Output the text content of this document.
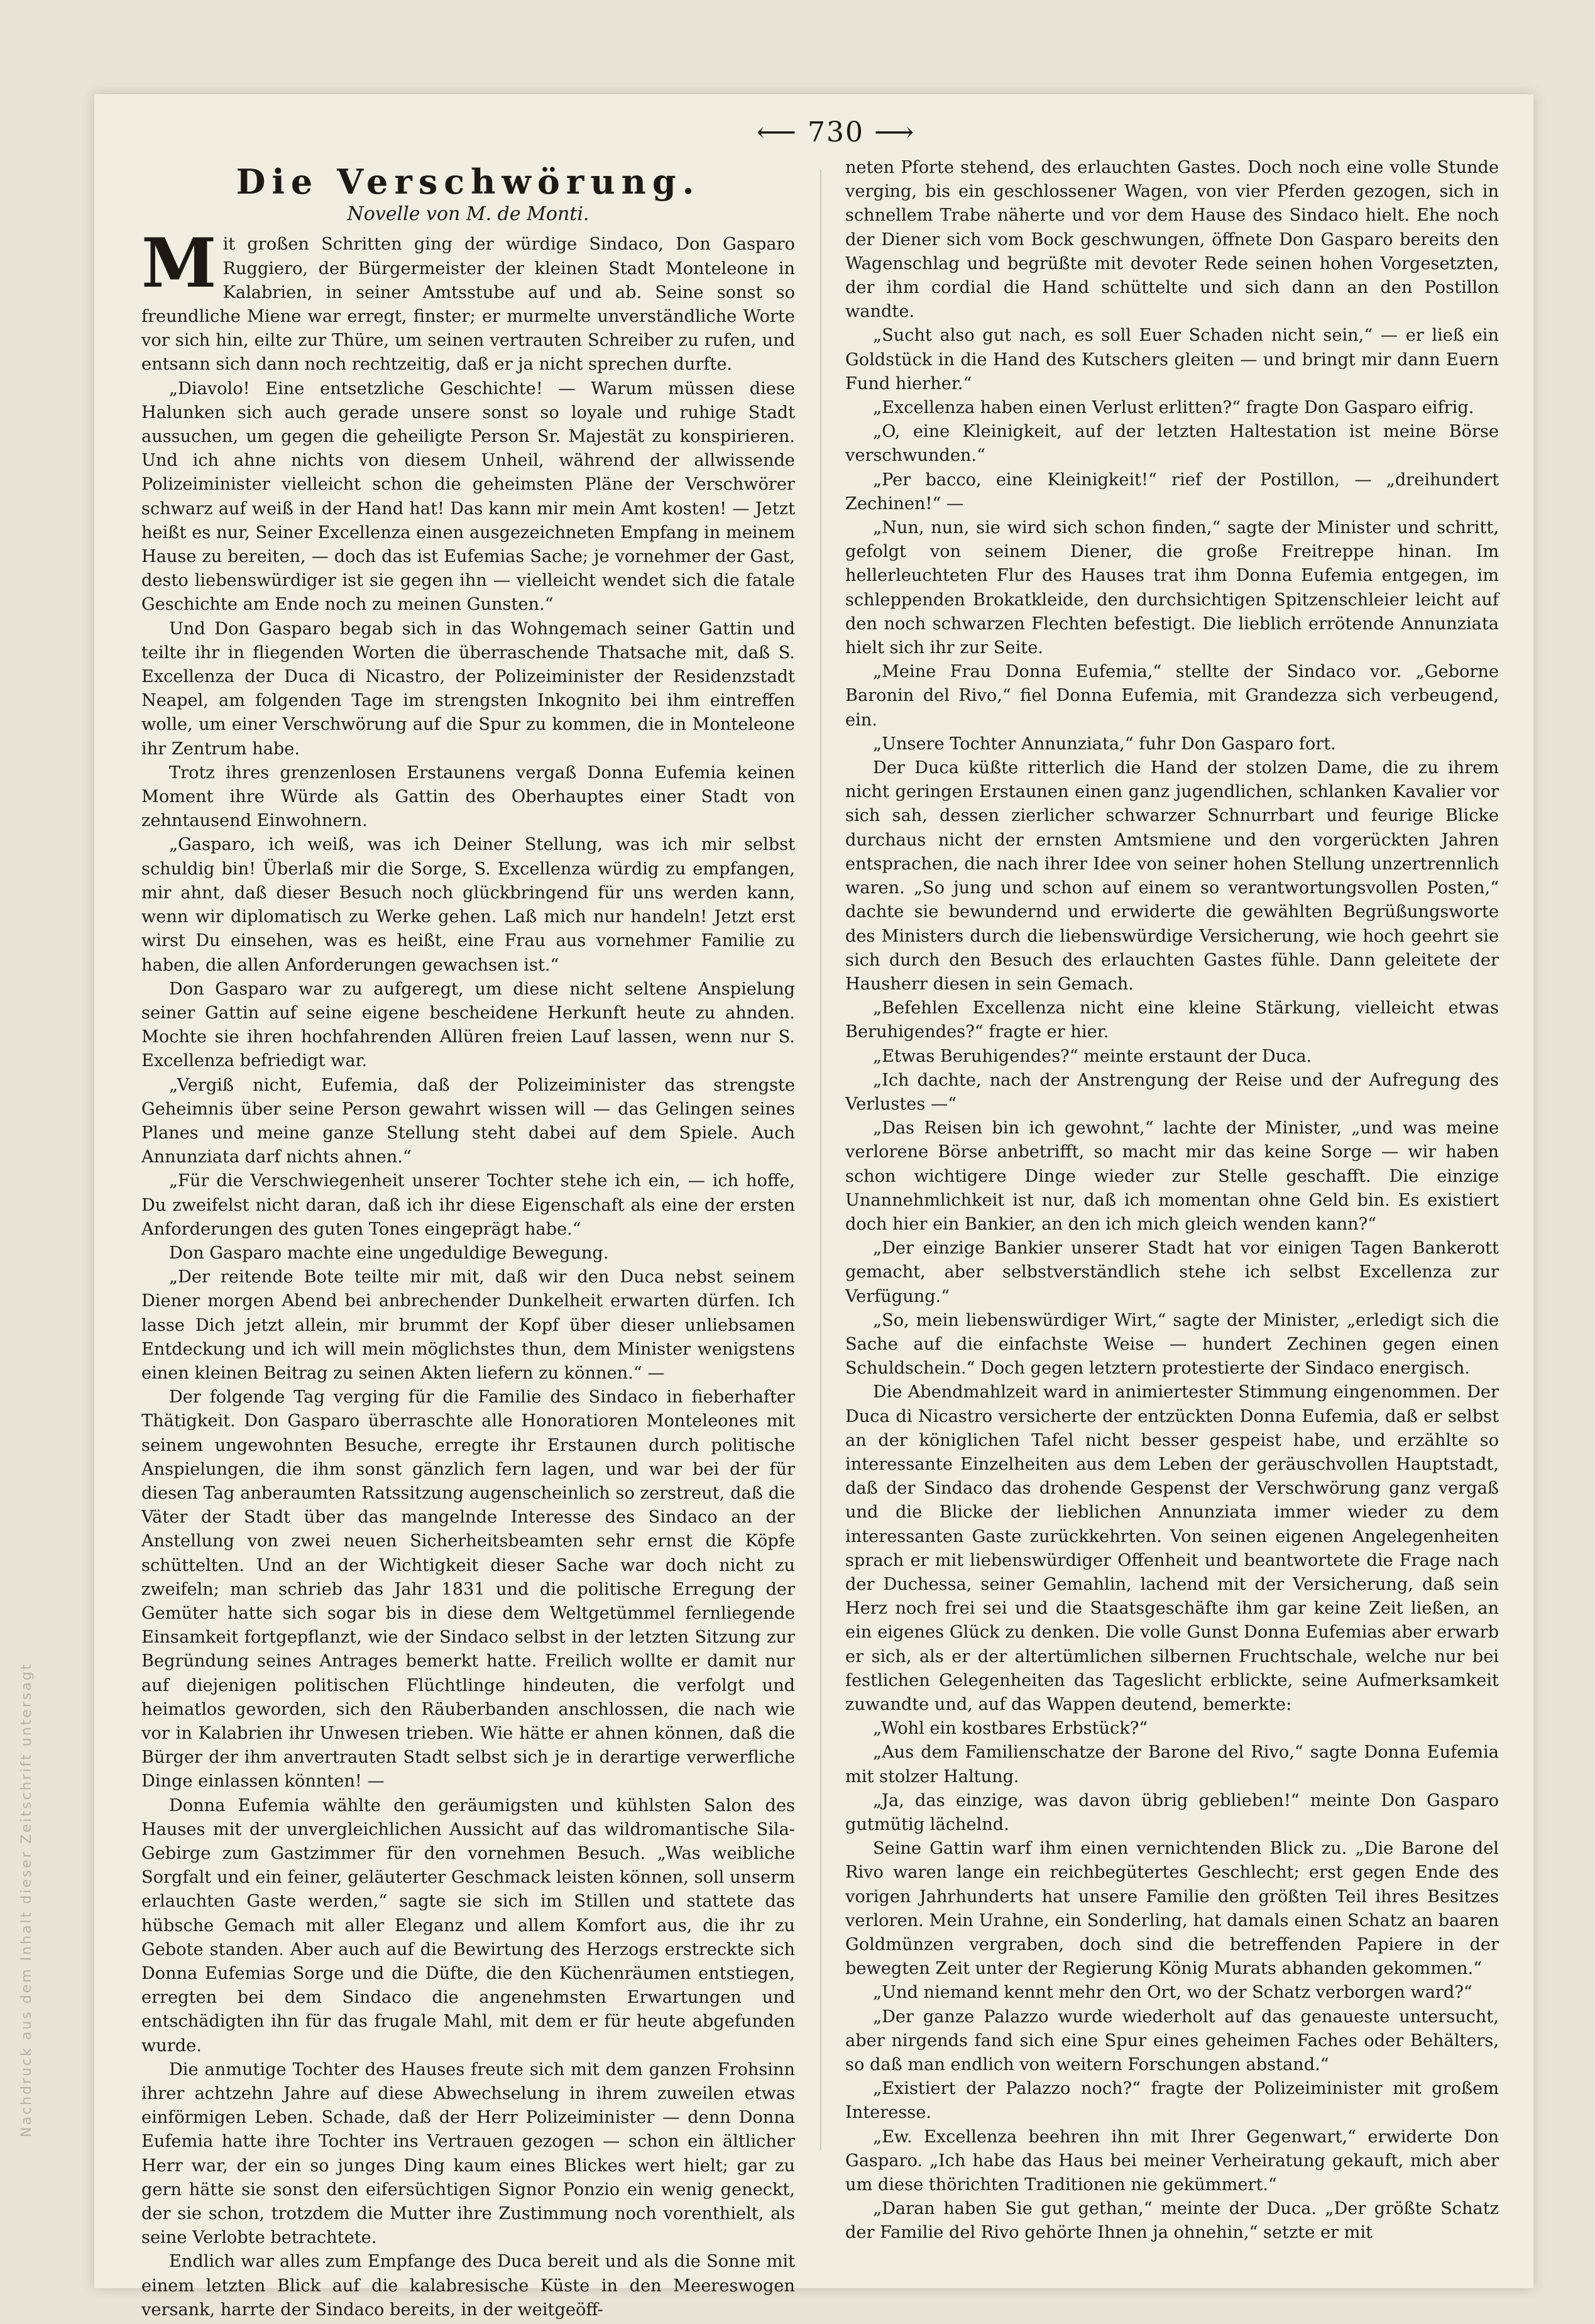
Nachdruck aus dem Inhalt dieser Zeitschrift untersagt
⟵ 730 ⟶
Die Verschwörung.
Novelle von M. de Monti.

Mit großen Schritten ging der würdige Sindaco, Don Gasparo Ruggiero, der Bürgermeister der kleinen Stadt Monteleone in Kalabrien, in seiner Amtsstube auf und ab. Seine sonst so freundliche Miene war erregt, finster; er murmelte unverständliche Worte vor sich hin, eilte zur Thüre, um seinen vertrauten Schreiber zu rufen, und entsann sich dann noch rechtzeitig, daß er ja nicht sprechen durfte.

„Diavolo! Eine entsetzliche Geschichte! — Warum müssen diese Halunken sich auch gerade unsere sonst so loyale und ruhige Stadt aussuchen, um gegen die geheiligte Person Sr. Majestät zu konspirieren. Und ich ahne nichts von diesem Unheil, während der allwissende Polizeiminister vielleicht schon die geheimsten Pläne der Verschwörer schwarz auf weiß in der Hand hat! Das kann mir mein Amt kosten! — Jetzt heißt es nur, Seiner Excellenza einen ausgezeichneten Empfang in meinem Hause zu bereiten, — doch das ist Eufemias Sache; je vornehmer der Gast, desto liebenswürdiger ist sie gegen ihn — vielleicht wendet sich die fatale Geschichte am Ende noch zu meinen Gunsten.“

Und Don Gasparo begab sich in das Wohngemach seiner Gattin und teilte ihr in fliegenden Worten die überraschende Thatsache mit, daß S. Excellenza der Duca di Nicastro, der Polizeiminister der Residenzstadt Neapel, am folgenden Tage im strengsten Inkognito bei ihm eintreffen wolle, um einer Verschwörung auf die Spur zu kommen, die in Monteleone ihr Zentrum habe.

Trotz ihres grenzenlosen Erstaunens vergaß Donna Eufemia keinen Moment ihre Würde als Gattin des Oberhauptes einer Stadt von zehntausend Einwohnern.

„Gasparo, ich weiß, was ich Deiner Stellung, was ich mir selbst schuldig bin! Überlaß mir die Sorge, S. Excellenza würdig zu empfangen, mir ahnt, daß dieser Besuch noch glückbringend für uns werden kann, wenn wir diplomatisch zu Werke gehen. Laß mich nur handeln! Jetzt erst wirst Du einsehen, was es heißt, eine Frau aus vornehmer Familie zu haben, die allen Anforderungen gewachsen ist.“

Don Gasparo war zu aufgeregt, um diese nicht seltene Anspielung seiner Gattin auf seine eigene bescheidene Herkunft heute zu ahnden. Mochte sie ihren hochfahrenden Allüren freien Lauf lassen, wenn nur S. Excellenza befriedigt war.

„Vergiß nicht, Eufemia, daß der Polizeiminister das strengste Geheimnis über seine Person gewahrt wissen will — das Gelingen seines Planes und meine ganze Stellung steht dabei auf dem Spiele. Auch Annunziata darf nichts ahnen.“

„Für die Verschwiegenheit unserer Tochter stehe ich ein, — ich hoffe, Du zweifelst nicht daran, daß ich ihr diese Eigenschaft als eine der ersten Anforderungen des guten Tones eingeprägt habe.“

Don Gasparo machte eine ungeduldige Bewegung.

„Der reitende Bote teilte mir mit, daß wir den Duca nebst seinem Diener morgen Abend bei anbrechender Dunkelheit erwarten dürfen. Ich lasse Dich jetzt allein, mir brummt der Kopf über dieser unliebsamen Entdeckung und ich will mein möglichstes thun, dem Minister wenigstens einen kleinen Beitrag zu seinen Akten liefern zu können.“ —

Der folgende Tag verging für die Familie des Sindaco in fieberhafter Thätigkeit. Don Gasparo überraschte alle Honoratioren Monteleones mit seinem ungewohnten Besuche, erregte ihr Erstaunen durch politische Anspielungen, die ihm sonst gänzlich fern lagen, und war bei der für diesen Tag anberaumten Ratssitzung augenscheinlich so zerstreut, daß die Väter der Stadt über das mangelnde Interesse des Sindaco an der Anstellung von zwei neuen Sicherheitsbeamten sehr ernst die Köpfe schüttelten. Und an der Wichtigkeit dieser Sache war doch nicht zu zweifeln; man schrieb das Jahr 1831 und die politische Erregung der Gemüter hatte sich sogar bis in diese dem Weltgetümmel fernliegende Einsamkeit fortgepflanzt, wie der Sindaco selbst in der letzten Sitzung zur Begründung seines Antrages bemerkt hatte. Freilich wollte er damit nur auf diejenigen politischen Flüchtlinge hindeuten, die verfolgt und heimatlos geworden, sich den Räuberbanden anschlossen, die nach wie vor in Kalabrien ihr Unwesen trieben. Wie hätte er ahnen können, daß die Bürger der ihm anvertrauten Stadt selbst sich je in derartige verwerfliche Dinge einlassen könnten! —

Donna Eufemia wählte den geräumigsten und kühlsten Salon des Hauses mit der unvergleichlichen Aussicht auf das wildromantische Sila-Gebirge zum Gastzimmer für den vornehmen Besuch. „Was weibliche Sorgfalt und ein feiner, geläuterter Geschmack leisten können, soll unserm erlauchten Gaste werden,“ sagte sie sich im Stillen und stattete das hübsche Gemach mit aller Eleganz und allem Komfort aus, die ihr zu Gebote standen. Aber auch auf die Bewirtung des Herzogs erstreckte sich Donna Eufemias Sorge und die Düfte, die den Küchenräumen entstiegen, erregten bei dem Sindaco die angenehmsten Erwartungen und entschädigten ihn für das frugale Mahl, mit dem er für heute abgefunden wurde.

Die anmutige Tochter des Hauses freute sich mit dem ganzen Frohsinn ihrer achtzehn Jahre auf diese Abwechselung in ihrem zuweilen etwas einförmigen Leben. Schade, daß der Herr Polizeiminister — denn Donna Eufemia hatte ihre Tochter ins Vertrauen gezogen — schon ein ältlicher Herr war, der ein so junges Ding kaum eines Blickes wert hielt; gar zu gern hätte sie sonst den eifersüchtigen Signor Ponzio ein wenig geneckt, der sie schon, trotzdem die Mutter ihre Zustimmung noch vorenthielt, als seine Verlobte betrachtete.

Endlich war alles zum Empfange des Duca bereit und als die Sonne mit einem letzten Blick auf die kalabresische Küste in den Meereswogen versank, harrte der Sindaco bereits, in der weitgeöff-

neten Pforte stehend, des erlauchten Gastes. Doch noch eine volle Stunde verging, bis ein geschlossener Wagen, von vier Pferden gezogen, sich in schnellem Trabe näherte und vor dem Hause des Sindaco hielt. Ehe noch der Diener sich vom Bock geschwungen, öffnete Don Gasparo bereits den Wagenschlag und begrüßte mit devoter Rede seinen hohen Vorgesetzten, der ihm cordial die Hand schüttelte und sich dann an den Postillon wandte.

„Sucht also gut nach, es soll Euer Schaden nicht sein,“ — er ließ ein Goldstück in die Hand des Kutschers gleiten — und bringt mir dann Euern Fund hierher.“

„Excellenza haben einen Verlust erlitten?“ fragte Don Gasparo eifrig.

„O, eine Kleinigkeit, auf der letzten Haltestation ist meine Börse verschwunden.“

„Per bacco, eine Kleinigkeit!“ rief der Postillon, — „dreihundert Zechinen!“ —

„Nun, nun, sie wird sich schon finden,“ sagte der Minister und schritt, gefolgt von seinem Diener, die große Freitreppe hinan. Im hellerleuchteten Flur des Hauses trat ihm Donna Eufemia entgegen, im schleppenden Brokatkleide, den durchsichtigen Spitzenschleier leicht auf den noch schwarzen Flechten befestigt. Die lieblich errötende Annunziata hielt sich ihr zur Seite.

„Meine Frau Donna Eufemia,“ stellte der Sindaco vor. „Geborne Baronin del Rivo,“ fiel Donna Eufemia, mit Grandezza sich verbeugend, ein.

„Unsere Tochter Annunziata,“ fuhr Don Gasparo fort.

Der Duca küßte ritterlich die Hand der stolzen Dame, die zu ihrem nicht geringen Erstaunen einen ganz jugendlichen, schlanken Kavalier vor sich sah, dessen zierlicher schwarzer Schnurrbart und feurige Blicke durchaus nicht der ernsten Amtsmiene und den vorgerückten Jahren entsprachen, die nach ihrer Idee von seiner hohen Stellung unzertrennlich waren. „So jung und schon auf einem so verantwortungsvollen Posten,“ dachte sie bewundernd und erwiderte die gewählten Begrüßungsworte des Ministers durch die liebenswürdige Versicherung, wie hoch geehrt sie sich durch den Besuch des erlauchten Gastes fühle. Dann geleitete der Hausherr diesen in sein Gemach.

„Befehlen Excellenza nicht eine kleine Stärkung, vielleicht etwas Beruhigendes?“ fragte er hier.

„Etwas Beruhigendes?“ meinte erstaunt der Duca.

„Ich dachte, nach der Anstrengung der Reise und der Aufregung des Verlustes —“

„Das Reisen bin ich gewohnt,“ lachte der Minister, „und was meine verlorene Börse anbetrifft, so macht mir das keine Sorge — wir haben schon wichtigere Dinge wieder zur Stelle geschafft. Die einzige Unannehmlichkeit ist nur, daß ich momentan ohne Geld bin. Es existiert doch hier ein Bankier, an den ich mich gleich wenden kann?“

„Der einzige Bankier unserer Stadt hat vor einigen Tagen Bankerott gemacht, aber selbstverständlich stehe ich selbst Excellenza zur Verfügung.“

„So, mein liebenswürdiger Wirt,“ sagte der Minister, „erledigt sich die Sache auf die einfachste Weise — hundert Zechinen gegen einen Schuldschein.“ Doch gegen letztern protestierte der Sindaco energisch.

Die Abendmahlzeit ward in animiertester Stimmung eingenommen. Der Duca di Nicastro versicherte der entzückten Donna Eufemia, daß er selbst an der königlichen Tafel nicht besser gespeist habe, und erzählte so interessante Einzelheiten aus dem Leben der geräuschvollen Hauptstadt, daß der Sindaco das drohende Gespenst der Verschwörung ganz vergaß und die Blicke der lieblichen Annunziata immer wieder zu dem interessanten Gaste zurückkehrten. Von seinen eigenen Angelegenheiten sprach er mit liebenswürdiger Offenheit und beantwortete die Frage nach der Duchessa, seiner Gemahlin, lachend mit der Versicherung, daß sein Herz noch frei sei und die Staatsgeschäfte ihm gar keine Zeit ließen, an ein eigenes Glück zu denken. Die volle Gunst Donna Eufemias aber erwarb er sich, als er der altertümlichen silbernen Fruchtschale, welche nur bei festlichen Gelegenheiten das Tageslicht erblickte, seine Aufmerksamkeit zuwandte und, auf das Wappen deutend, bemerkte:

„Wohl ein kostbares Erbstück?“

„Aus dem Familienschatze der Barone del Rivo,“ sagte Donna Eufemia mit stolzer Haltung.

„Ja, das einzige, was davon übrig geblieben!“ meinte Don Gasparo gutmütig lächelnd.

Seine Gattin warf ihm einen vernichtenden Blick zu. „Die Barone del Rivo waren lange ein reichbegütertes Geschlecht; erst gegen Ende des vorigen Jahrhunderts hat unsere Familie den größten Teil ihres Besitzes verloren. Mein Urahne, ein Sonderling, hat damals einen Schatz an baaren Goldmünzen vergraben, doch sind die betreffenden Papiere in der bewegten Zeit unter der Regierung König Murats abhanden gekommen.“

„Und niemand kennt mehr den Ort, wo der Schatz verborgen ward?“

„Der ganze Palazzo wurde wiederholt auf das genaueste untersucht, aber nirgends fand sich eine Spur eines geheimen Faches oder Behälters, so daß man endlich von weitern Forschungen abstand.“

„Existiert der Palazzo noch?“ fragte der Polizeiminister mit großem Interesse.

„Ew. Excellenza beehren ihn mit Ihrer Gegenwart,“ erwiderte Don Gasparo. „Ich habe das Haus bei meiner Verheiratung gekauft, mich aber um diese thörichten Traditionen nie gekümmert.“

„Daran haben Sie gut gethan,“ meinte der Duca. „Der größte Schatz der Familie del Rivo gehörte Ihnen ja ohnehin,“ setzte er mit
